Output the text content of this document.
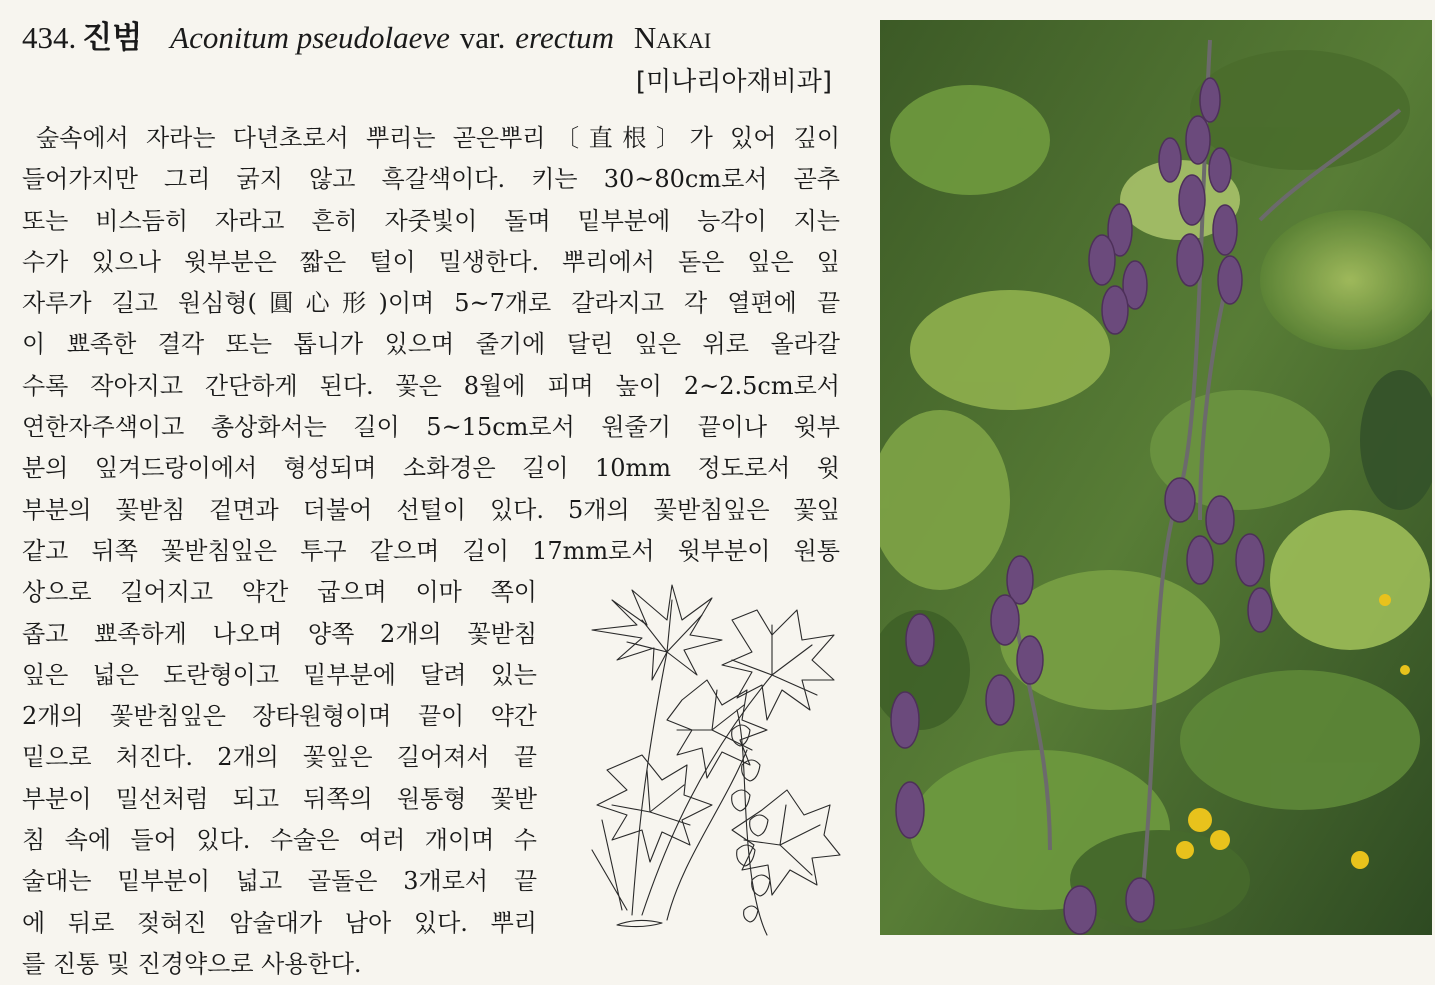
434. 진범 Aconitum pseudolaeve var. erectum Nakai
[미나리아재비과]
숲속에서 자라는 다년초로서 뿌리는 곧은뿌리〔直根〕가 있어 깊이
들어가지만 그리 굵지 않고 흑갈색이다. 키는 30~80cm로서 곧추
또는 비스듬히 자라고 흔히 자줏빛이 돌며 밑부분에 능각이 지는
수가 있으나 윗부분은 짧은 털이 밀생한다. 뿌리에서 돋은 잎은 잎
자루가 길고 원심형(圓心形)이며 5~7개로 갈라지고 각 열편에 끝
이 뾰족한 결각 또는 톱니가 있으며 줄기에 달린 잎은 위로 올라갈
수록 작아지고 간단하게 된다. 꽃은 8월에 피며 높이 2~2.5cm로서
연한자주색이고 총상화서는 길이 5~15cm로서 원줄기 끝이나 윗부
분의 잎겨드랑이에서 형성되며 소화경은 길이 10mm 정도로서 윗
부분의 꽃받침 겉면과 더불어 선털이 있다. 5개의 꽃받침잎은 꽃잎
같고 뒤쪽 꽃받침잎은 투구 같으며 길이 17mm로서 윗부분이 원통
상으로 길어지고 약간 굽으며 이마 쪽이
좁고 뾰족하게 나오며 양쪽 2개의 꽃받침
잎은 넓은 도란형이고 밑부분에 달려 있는
2개의 꽃받침잎은 장타원형이며 끝이 약간
밑으로 처진다. 2개의 꽃잎은 길어져서 끝
부분이 밀선처럼 되고 뒤쪽의 원통형 꽃받
침 속에 들어 있다. 수술은 여러 개이며 수
술대는 밑부분이 넓고 골돌은 3개로서 끝
에 뒤로 젖혀진 암술대가 남아 있다. 뿌리
를 진통 및 진경약으로 사용한다.
